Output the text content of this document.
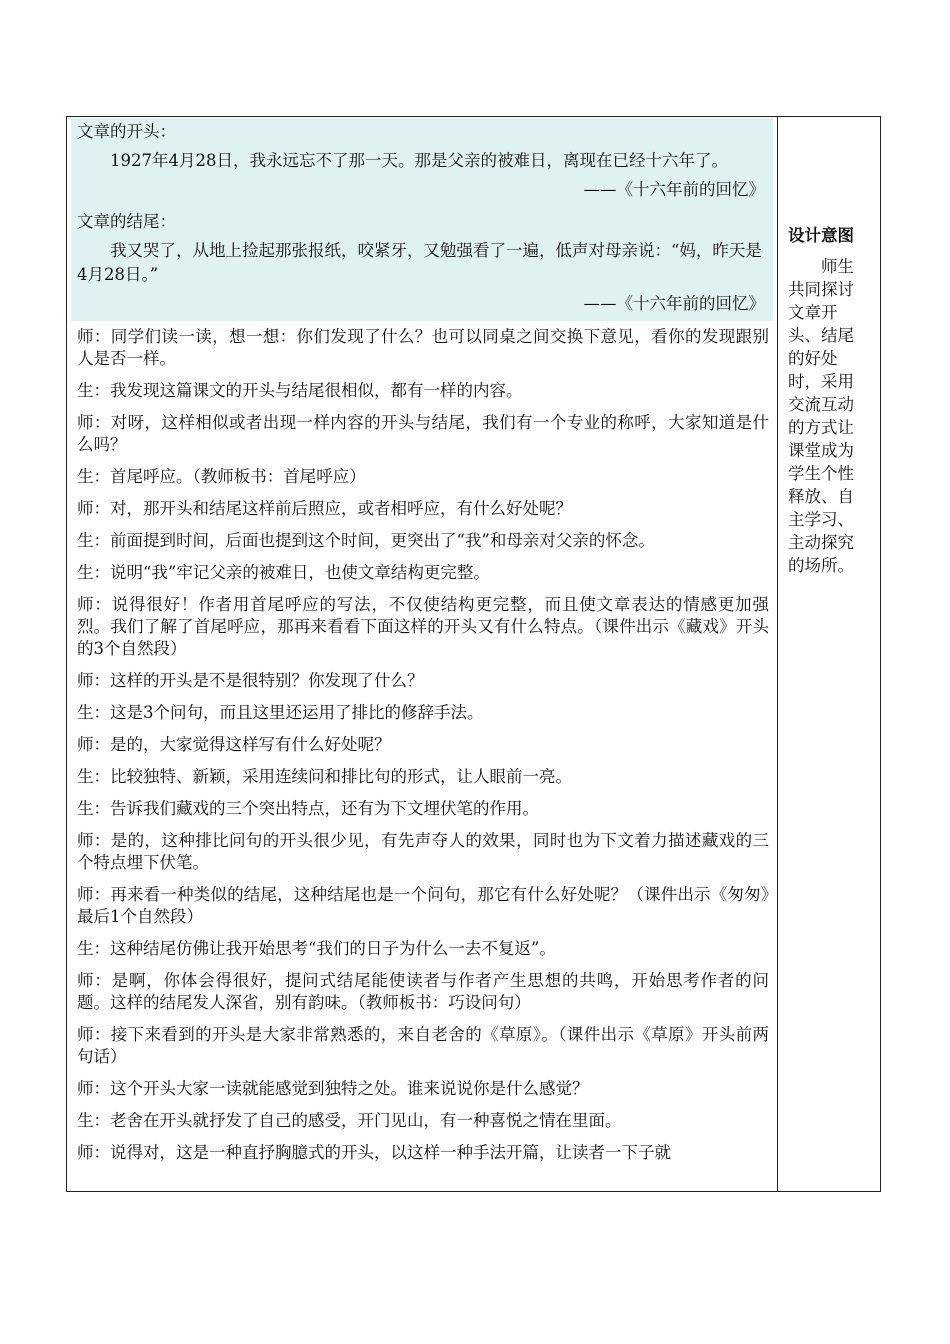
文章的开头：

1927年4月28日，我永远忘不了那一天。那是父亲的被难日，离现在已经十六年了。

——《十六年前的回忆》

文章的结尾：

我又哭了，从地上捡起那张报纸，咬紧牙，又勉强看了一遍，低声对母亲说：“妈，昨天是4月28日。”

——《十六年前的回忆》

师：同学们读一读，想一想：你们发现了什么？也可以同桌之间交换下意见，看你的发现跟别人是否一样。

生：我发现这篇课文的开头与结尾很相似，都有一样的内容。

师：对呀，这样相似或者出现一样内容的开头与结尾，我们有一个专业的称呼，大家知道是什么吗？

生：首尾呼应。（教师板书：首尾呼应）

师：对，那开头和结尾这样前后照应，或者相呼应，有什么好处呢？

生：前面提到时间，后面也提到这个时间，更突出了“我”和母亲对父亲的怀念。

生：说明“我”牢记父亲的被难日，也使文章结构更完整。

师：说得很好！作者用首尾呼应的写法，不仅使结构更完整，而且使文章表达的情感更加强烈。我们了解了首尾呼应，那再来看看下面这样的开头又有什么特点。（课件出示《藏戏》开头的3个自然段）

师：这样的开头是不是很特别？你发现了什么？

生：这是3个问句，而且这里还运用了排比的修辞手法。

师：是的，大家觉得这样写有什么好处呢？

生：比较独特、新颖，采用连续问和排比句的形式，让人眼前一亮。

生：告诉我们藏戏的三个突出特点，还有为下文埋伏笔的作用。

师：是的，这种排比问句的开头很少见，有先声夺人的效果，同时也为下文着力描述藏戏的三个特点埋下伏笔。

师：再来看一种类似的结尾，这种结尾也是一个问句，那它有什么好处呢？（课件出示《匆匆》最后1个自然段）

生：这种结尾仿佛让我开始思考“我们的日子为什么一去不复返”。

师：是啊，你体会得很好，提问式结尾能使读者与作者产生思想的共鸣，开始思考作者的问题。这样的结尾发人深省，别有韵味。（教师板书：巧设问句）

师：接下来看到的开头是大家非常熟悉的，来自老舍的《草原》。（课件出示《草原》开头前两句话）

师：这个开头大家一读就能感觉到独特之处。谁来说说你是什么感觉？

生：老舍在开头就抒发了自己的感受，开门见山，有一种喜悦之情在里面。

师：说得对，这是一种直抒胸臆式的开头，以这样一种手法开篇，让读者一下子就

设计意图
师生共同探讨文章开头、结尾的好处时，采用交流互动的方式让课堂成为学生个性释放、自主学习、主动探究的场所。
